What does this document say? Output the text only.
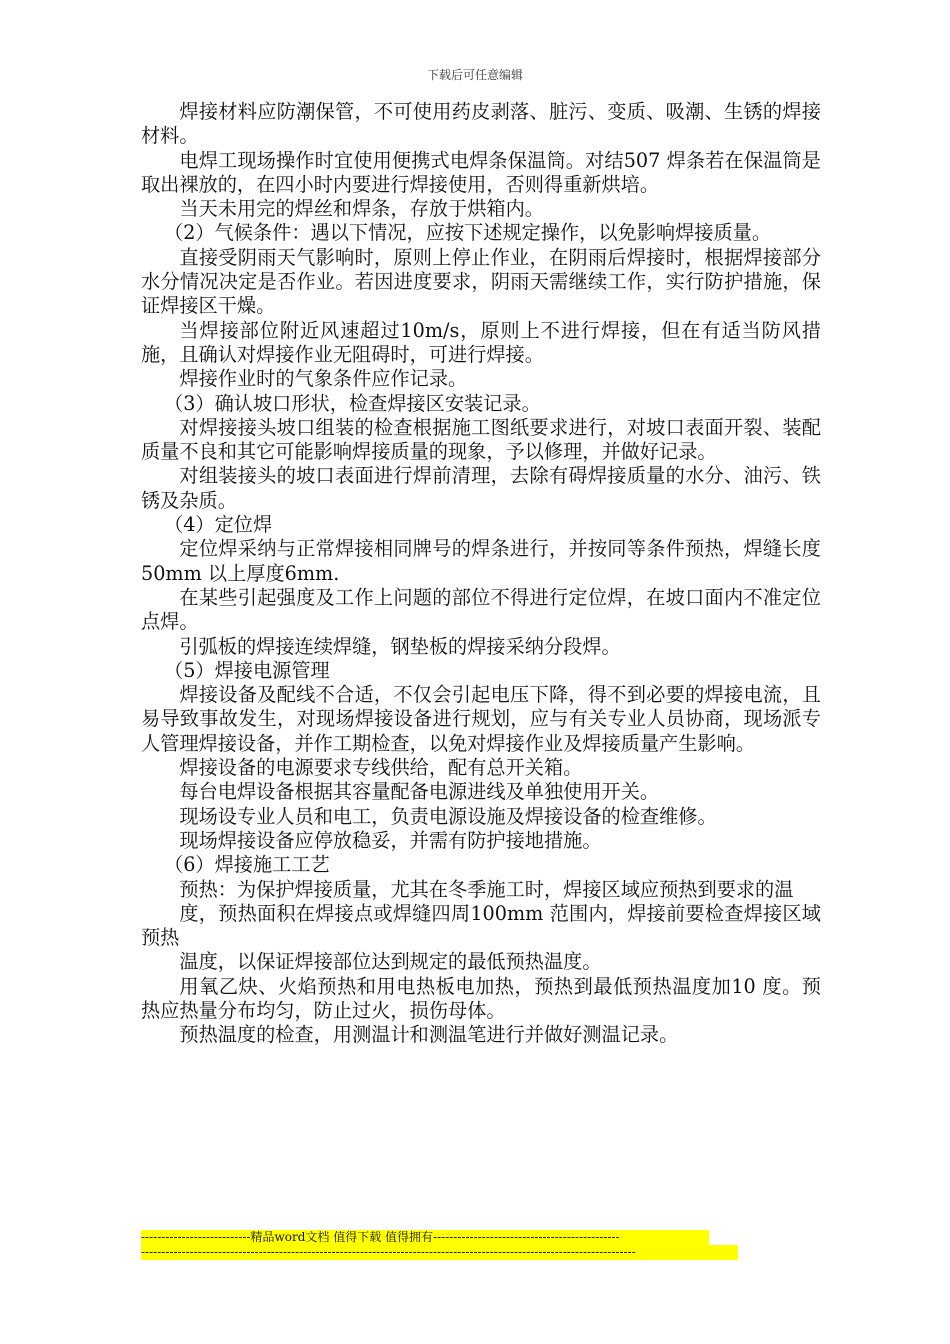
下载后可任意编辑

焊接材料应防潮保管，不可使用药皮剥落、脏污、变质、吸潮、生锈的焊接材料。

电焊工现场操作时宜使用便携式电焊条保温筒。对结507 焊条若在保温筒是取出裸放的，在四小时内要进行焊接使用，否则得重新烘培。

当天未用完的焊丝和焊条，存放于烘箱内。

（2）气候条件：遇以下情况，应按下述规定操作，以免影响焊接质量。

直接受阴雨天气影响时，原则上停止作业，在阴雨后焊接时，根据焊接部分水分情况决定是否作业。若因进度要求，阴雨天需继续工作，实行防护措施，保证焊接区干燥。

当焊接部位附近风速超过10m/s，原则上不进行焊接，但在有适当防风措施，且确认对焊接作业无阻碍时，可进行焊接。

焊接作业时的气象条件应作记录。

（3）确认坡口形状，检查焊接区安装记录。

对焊接接头坡口组装的检查根据施工图纸要求进行，对坡口表面开裂、装配质量不良和其它可能影响焊接质量的现象，予以修理，并做好记录。

对组装接头的坡口表面进行焊前清理，去除有碍焊接质量的水分、油污、铁锈及杂质。

（4）定位焊

定位焊采纳与正常焊接相同牌号的焊条进行，并按同等条件预热，焊缝长度50mm 以上厚度6mm.

在某些引起强度及工作上问题的部位不得进行定位焊，在坡口面内不准定位点焊。

引弧板的焊接连续焊缝，钢垫板的焊接采纳分段焊。

（5）焊接电源管理

焊接设备及配线不合适，不仅会引起电压下降，得不到必要的焊接电流，且易导致事故发生，对现场焊接设备进行规划，应与有关专业人员协商，现场派专人管理焊接设备，并作工期检查，以免对焊接作业及焊接质量产生影响。

焊接设备的电源要求专线供给，配有总开关箱。

每台电焊设备根据其容量配备电源进线及单独使用开关。

现场设专业人员和电工，负责电源设施及焊接设备的检查维修。

现场焊接设备应停放稳妥，并需有防护接地措施。

（6）焊接施工工艺

预热：为保护焊接质量，尤其在冬季施工时，焊接区域应预热到要求的温

度，预热面积在焊接点或焊缝四周100mm 范围内，焊接前要检查焊接区域预热

温度，以保证焊接部位达到规定的最低预热温度。

用氧乙炔、火焰预热和用电热板电加热，预热到最低预热温度加10 度。预热应热量分布均匀，防止过火，损伤母体。

预热温度的检查，用测温计和测温笔进行并做好测温记录。

---------------------------精品word文档 值得下载 值得拥有----------------------------------------------
--------------------------------------------------------------------------------------------------------------------------
